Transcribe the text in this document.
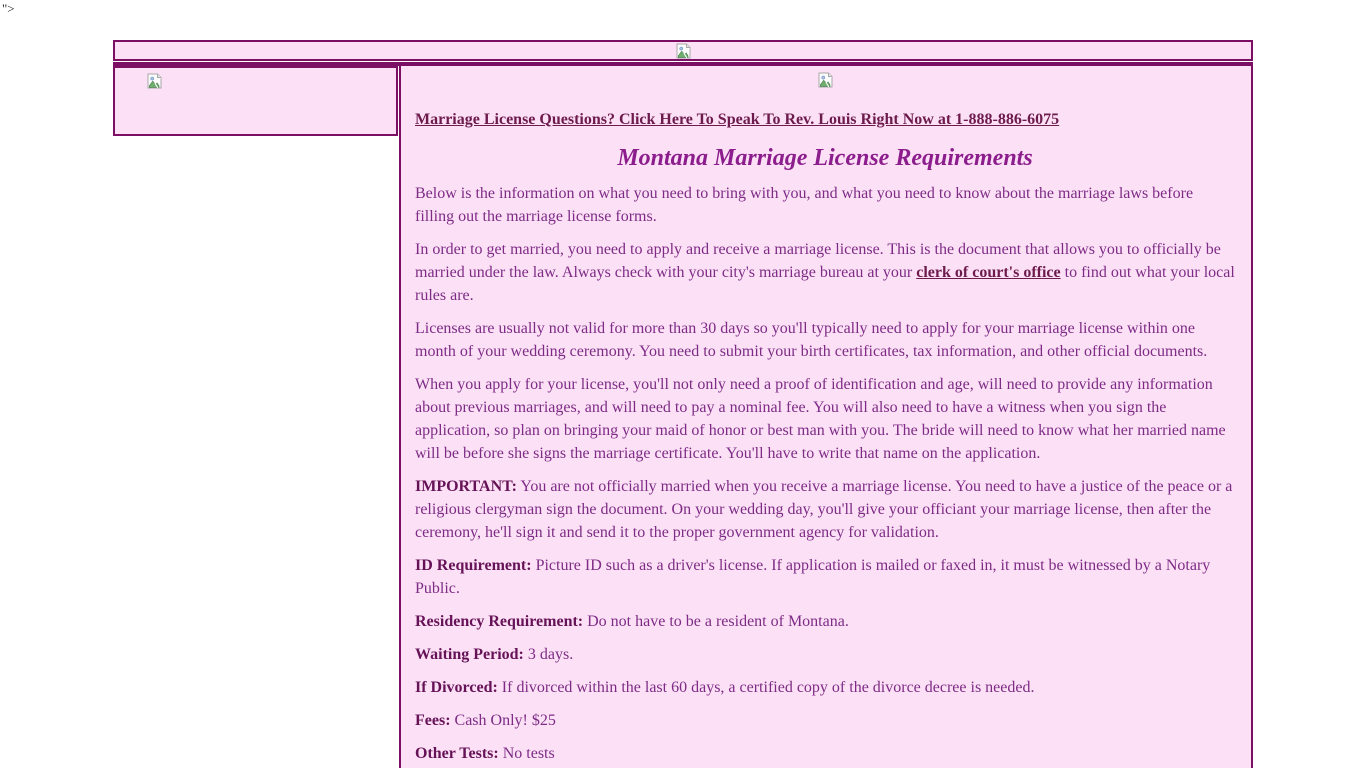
">
Marriage License Questions? Click Here To Speak To Rev. Louis Right Now at 1-888-886-6075
Montana Marriage License Requirements

Below is the information on what you need to bring with you, and what you need to know about the marriage laws before filling out the marriage license forms.

In order to get married, you need to apply and receive a marriage license. This is the document that allows you to officially be married under the law. Always check with your city's marriage bureau at your clerk of court's office to find out what your local rules are.

Licenses are usually not valid for more than 30 days so you'll typically need to apply for your marriage license within one month of your wedding ceremony. You need to submit your birth certificates, tax information, and other official documents.

When you apply for your license, you'll not only need a proof of identification and age, will need to provide any information about previous marriages, and will need to pay a nominal fee. You will also need to have a witness when you sign the application, so plan on bringing your maid of honor or best man with you. The bride will need to know what her married name will be before she signs the marriage certificate. You'll have to write that name on the application.

IMPORTANT: You are not officially married when you receive a marriage license. You need to have a justice of the peace or a religious clergyman sign the document. On your wedding day, you'll give your officiant your marriage license, then after the ceremony, he'll sign it and send it to the proper government agency for validation.

ID Requirement: Picture ID such as a driver's license. If application is mailed or faxed in, it must be witnessed by a Notary Public.

Residency Requirement: Do not have to be a resident of Montana.

Waiting Period: 3 days.

If Divorced: If divorced within the last 60 days, a certified copy of the divorce decree is needed.

Fees: Cash Only! $25

Other Tests: No tests
